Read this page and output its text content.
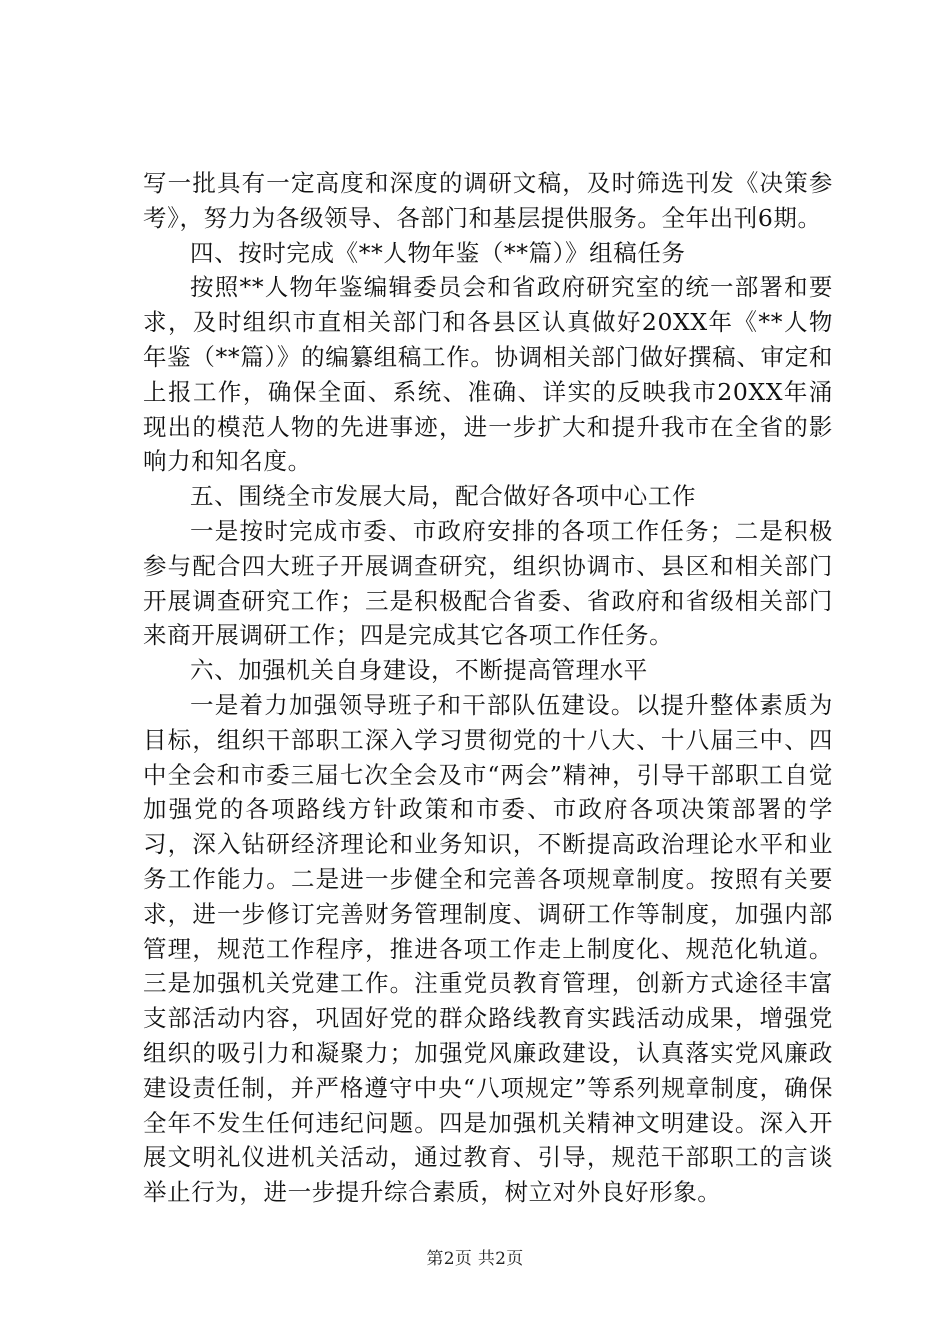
写一批具有一定高度和深度的调研文稿，及时筛选刊发《决策参考》，努力为各级领导、各部门和基层提供服务。全年出刊6期。

四、按时完成《**人物年鉴（**篇）》组稿任务

按照**人物年鉴编辑委员会和省政府研究室的统一部署和要求，及时组织市直相关部门和各县区认真做好20XX年《**人物年鉴（**篇）》的编纂组稿工作。协调相关部门做好撰稿、审定和上报工作，确保全面、系统、准确、详实的反映我市20XX年涌现出的模范人物的先进事迹，进一步扩大和提升我市在全省的影响力和知名度。

五、围绕全市发展大局，配合做好各项中心工作

一是按时完成市委、市政府安排的各项工作任务；二是积极参与配合四大班子开展调查研究，组织协调市、县区和相关部门开展调查研究工作；三是积极配合省委、省政府和省级相关部门来商开展调研工作；四是完成其它各项工作任务。

六、加强机关自身建设，不断提高管理水平

一是着力加强领导班子和干部队伍建设。以提升整体素质为目标，组织干部职工深入学习贯彻党的十八大、十八届三中、四中全会和市委三届七次全会及市“两会”精神，引导干部职工自觉加强党的各项路线方针政策和市委、市政府各项决策部署的学习，深入钻研经济理论和业务知识，不断提高政治理论水平和业务工作能力。二是进一步健全和完善各项规章制度。按照有关要求，进一步修订完善财务管理制度、调研工作等制度，加强内部管理，规范工作程序，推进各项工作走上制度化、规范化轨道。三是加强机关党建工作。注重党员教育管理，创新方式途径丰富支部活动内容，巩固好党的群众路线教育实践活动成果，增强党组织的吸引力和凝聚力；加强党风廉政建设，认真落实党风廉政建设责任制，并严格遵守中央“八项规定”等系列规章制度，确保全年不发生任何违纪问题。四是加强机关精神文明建设。深入开展文明礼仪进机关活动，通过教育、引导，规范干部职工的言谈举止行为，进一步提升综合素质，树立对外良好形象。

第2页 共2页
